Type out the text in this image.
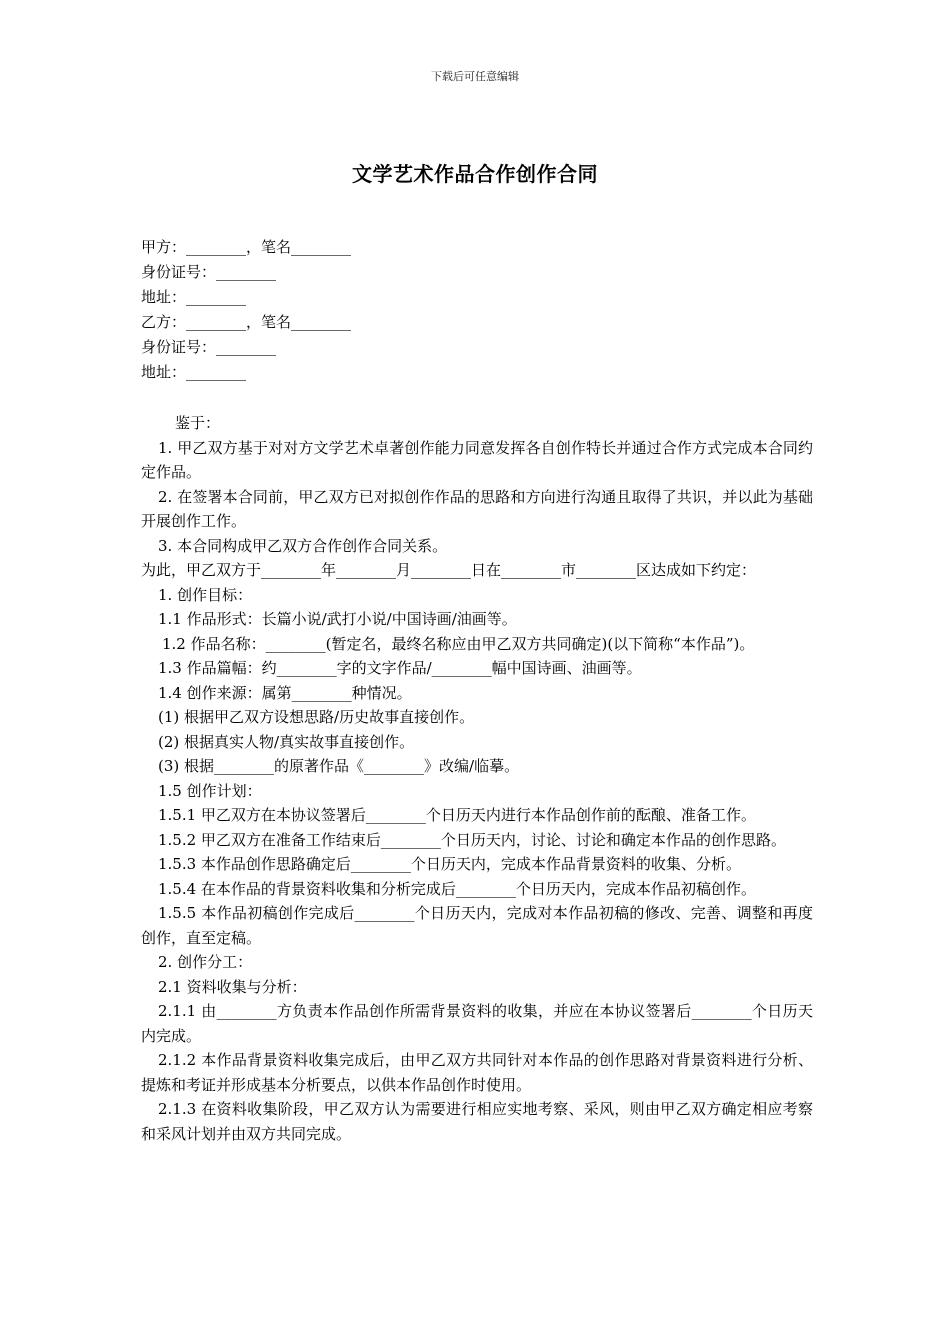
下载后可任意编辑
文学艺术作品合作创作合同

甲方：________，笔名________

身份证号：________

地址：________

乙方：________，笔名________

身份证号：________

地址：________

鉴于：

1. 甲乙双方基于对对方文学艺术卓著创作能力同意发挥各自创作特长并通过合作方式完成本合同约定作品。

2. 在签署本合同前，甲乙双方已对拟创作作品的思路和方向进行沟通且取得了共识，并以此为基础开展创作工作。

3. 本合同构成甲乙双方合作创作合同关系。

为此，甲乙双方于________年________月________日在________市________区达成如下约定：

1. 创作目标：

1.1 作品形式：长篇小说/武打小说/中国诗画/油画等。

1.2 作品名称：________(暂定名，最终名称应由甲乙双方共同确定)(以下简称“本作品”)。

1.3 作品篇幅：约________字的文字作品/________幅中国诗画、油画等。

1.4 创作来源：属第________种情况。

(1) 根据甲乙双方设想思路/历史故事直接创作。

(2) 根据真实人物/真实故事直接创作。

(3) 根据________的原著作品《________》改编/临摹。

1.5 创作计划：

1.5.1 甲乙双方在本协议签署后________个日历天内进行本作品创作前的酝酿、准备工作。

1.5.2 甲乙双方在准备工作结束后________个日历天内，讨论、讨论和确定本作品的创作思路。

1.5.3 本作品创作思路确定后________个日历天内，完成本作品背景资料的收集、分析。

1.5.4 在本作品的背景资料收集和分析完成后________个日历天内，完成本作品初稿创作。

1.5.5 本作品初稿创作完成后________个日历天内，完成对本作品初稿的修改、完善、调整和再度创作，直至定稿。

2. 创作分工：

2.1 资料收集与分析：

2.1.1 由________方负责本作品创作所需背景资料的收集，并应在本协议签署后________个日历天内完成。

2.1.2 本作品背景资料收集完成后，由甲乙双方共同针对本作品的创作思路对背景资料进行分析、提炼和考证并形成基本分析要点，以供本作品创作时使用。

2.1.3 在资料收集阶段，甲乙双方认为需要进行相应实地考察、采风，则由甲乙双方确定相应考察和采风计划并由双方共同完成。
